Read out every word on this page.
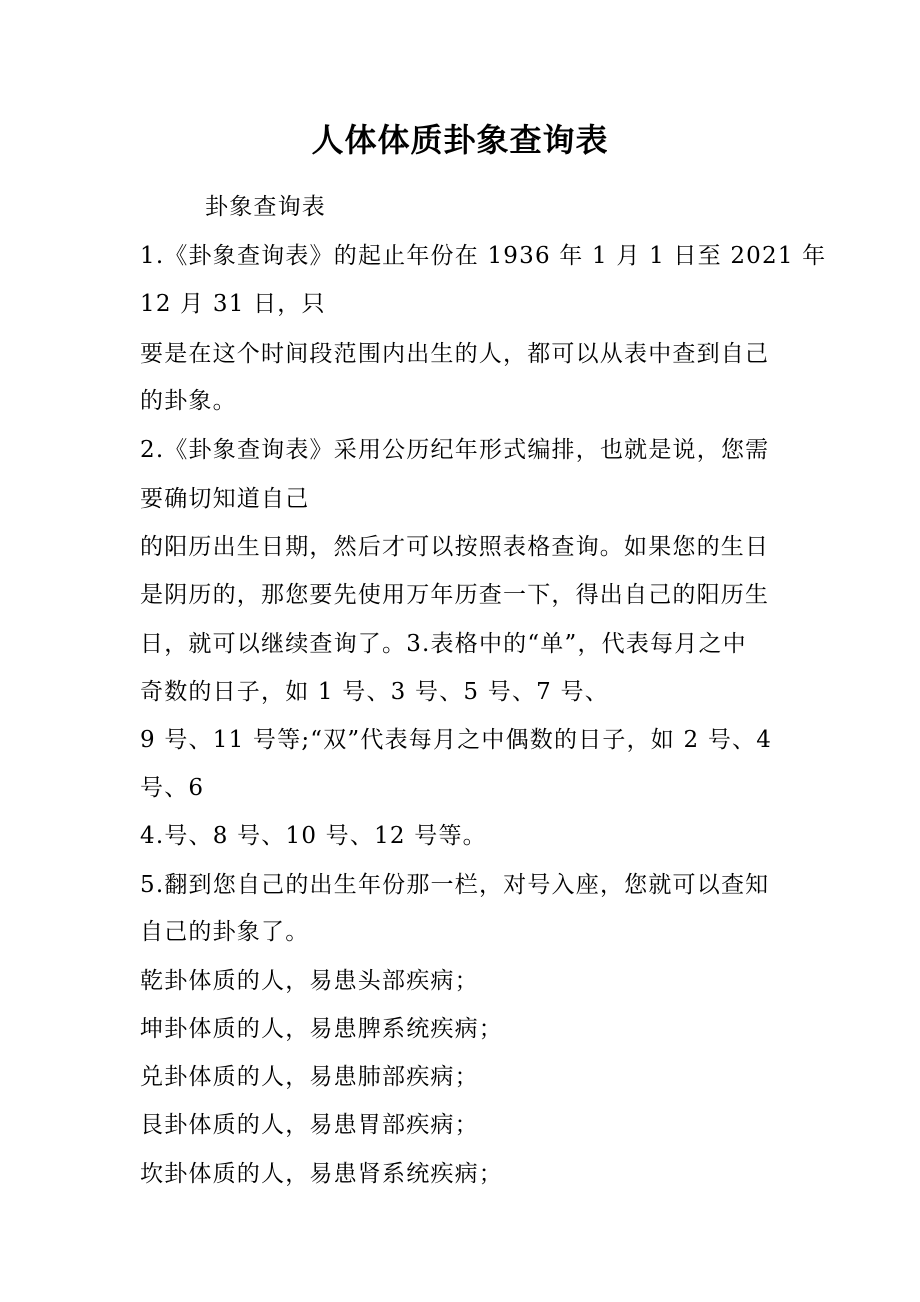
人体体质卦象查询表
卦象查询表
1.《卦象查询表》的起止年份在 1936 年 1 月 1 日至 2021 年
12 月 31 日，只
要是在这个时间段范围内出生的人，都可以从表中查到自己
的卦象。
2.《卦象查询表》采用公历纪年形式编排，也就是说，您需
要确切知道自己
的阳历出生日期，然后才可以按照表格查询。如果您的生日
是阴历的，那您要先使用万年历查一下，得出自己的阳历生
日，就可以继续查询了。3.表格中的“单”，代表每月之中
奇数的日子，如 1 号、3 号、5 号、7 号、
9 号、11 号等;“双”代表每月之中偶数的日子，如 2 号、4
号、6
4.号、8 号、10 号、12 号等。
5.翻到您自己的出生年份那一栏，对号入座，您就可以查知
自己的卦象了。
乾卦体质的人，易患头部疾病；
坤卦体质的人，易患脾系统疾病；
兑卦体质的人，易患肺部疾病；
艮卦体质的人，易患胃部疾病；
坎卦体质的人，易患肾系统疾病；
